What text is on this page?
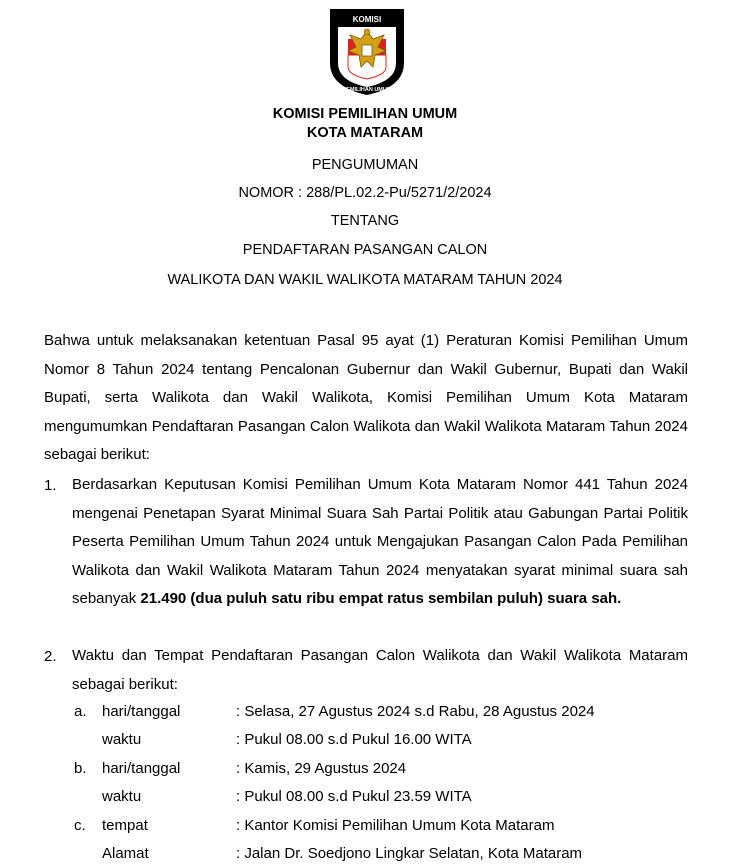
KOMISI
PEMILIHAN UMUM
KOMISI PEMILIHAN UMUM
KOTA MATARAM
PENGUMUMAN
NOMOR : 288/PL.02.2-Pu/5271/2/2024
TENTANG
PENDAFTARAN PASANGAN CALON
WALIKOTA DAN WAKIL WALIKOTA MATARAM TAHUN 2024
Bahwa untuk melaksanakan ketentuan Pasal 95 ayat (1) Peraturan Komisi Pemilihan Umum Nomor 8 Tahun 2024 tentang Pencalonan Gubernur dan Wakil Gubernur, Bupati dan Wakil Bupati, serta Walikota dan Wakil Walikota, Komisi Pemilihan Umum Kota Mataram mengumumkan Pendaftaran Pasangan Calon Walikota dan Wakil Walikota Mataram Tahun 2024 sebagai berikut:
1. Berdasarkan Keputusan Komisi Pemilihan Umum Kota Mataram Nomor 441 Tahun 2024 mengenai Penetapan Syarat Minimal Suara Sah Partai Politik atau Gabungan Partai Politik Peserta Pemilihan Umum Tahun 2024 untuk Mengajukan Pasangan Calon Pada Pemilihan Walikota dan Wakil Walikota Mataram Tahun 2024 menyatakan syarat minimal suara sah sebanyak 21.490 (dua puluh satu ribu empat ratus sembilan puluh) suara sah.
2. Waktu dan Tempat Pendaftaran Pasangan Calon Walikota dan Wakil Walikota Mataram sebagai berikut:
a. hari/tanggal	: Selasa, 27 Agustus 2024 s.d Rabu, 28 Agustus 2024
waktu	: Pukul 08.00 s.d Pukul 16.00 WITA
b. hari/tanggal	: Kamis, 29 Agustus 2024
waktu	: Pukul 08.00 s.d Pukul 23.59 WITA
c. tempat	: Kantor Komisi Pemilihan Umum Kota Mataram
Alamat	: Jalan Dr. Soedjono Lingkar Selatan, Kota Mataram
